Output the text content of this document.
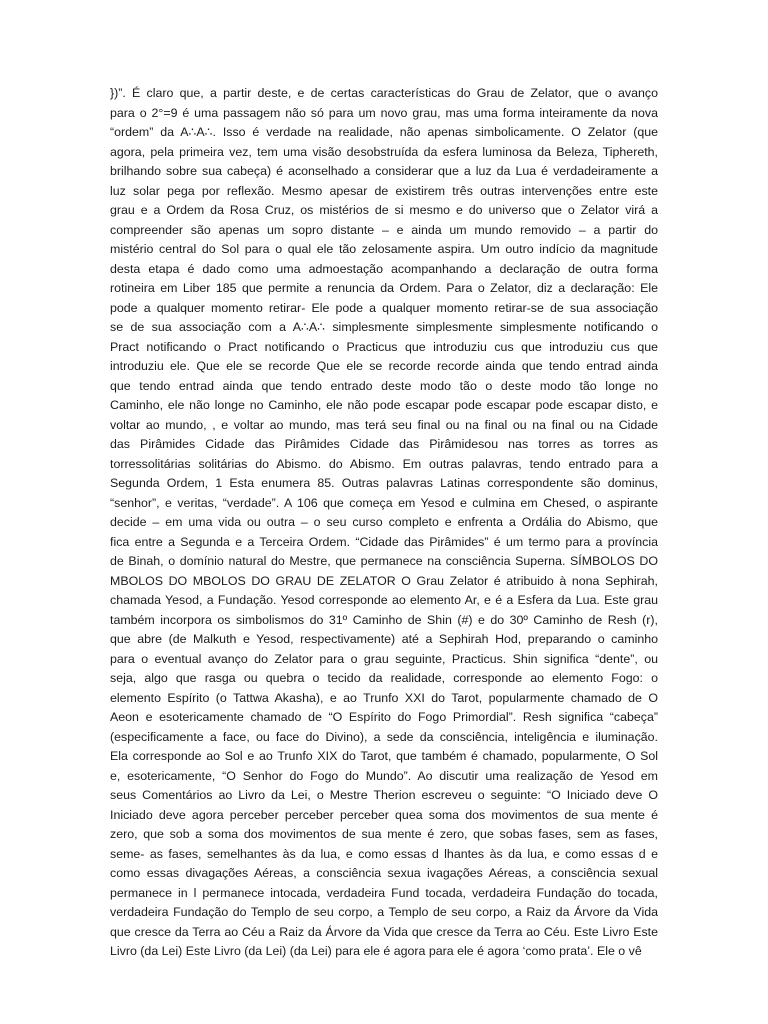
})”. É claro que, a partir deste, e de certas características do Grau de Zelator, que o avanço
para o 2°=9 é uma passagem não só para um novo grau, mas uma forma inteiramente da nova
“ordem” da A∴A∴. Isso é verdade na realidade, não apenas simbolicamente. O Zelator (que
agora, pela primeira vez, tem uma visão desobstruída da esfera luminosa da Beleza, Tiphereth,
brilhando sobre sua cabeça) é aconselhado a considerar que a luz da Lua é verdadeiramente a
luz solar pega por reflexão. Mesmo apesar de existirem três outras intervenções entre este
grau e a Ordem da Rosa Cruz, os mistérios de si mesmo e do universo que o Zelator virá a
compreender são apenas um sopro distante – e ainda um mundo removido – a partir do
mistério central do Sol para o qual ele tão zelosamente aspira. Um outro indício da magnitude
desta etapa é dado como uma admoestação acompanhando a declaração de outra forma
rotineira em Liber 185 que permite a renuncia da Ordem. Para o Zelator, diz a declaração: Ele
pode a qualquer momento retirar- Ele pode a qualquer momento retirar-se de sua associação
se de sua associação com a A∴A∴ simplesmente simplesmente simplesmente notificando o
Pract notificando o Pract notificando o Practicus que introduziu cus que introduziu cus que
introduziu ele. Que ele se recorde Que ele se recorde recorde ainda que tendo entrad ainda
que tendo entrad ainda que tendo entrado deste modo tão o deste modo tão longe no
Caminho, ele não longe no Caminho, ele não pode escapar pode escapar pode escapar disto, e
voltar ao mundo, , e voltar ao mundo, mas terá seu final ou na final ou na final ou na Cidade
das Pirâmides Cidade das Pirâmides Cidade das Pirâmidesou nas torres as torres as
torressolitárias solitárias do Abismo. do Abismo. Em outras palavras, tendo entrado para a
Segunda Ordem, 1 Esta enumera 85. Outras palavras Latinas correspondente são dominus,
“senhor”, e veritas, “verdade”. A 106 que começa em Yesod e culmina em Chesed, o aspirante
decide – em uma vida ou outra – o seu curso completo e enfrenta a Ordália do Abismo, que
fica entre a Segunda e a Terceira Ordem. “Cidade das Pirâmides” é um termo para a província
de Binah, o domínio natural do Mestre, que permanece na consciência Superna. SÍMBOLOS DO
MBOLOS DO MBOLOS DO GRAU DE ZELATOR O Grau Zelator é atribuido à nona Sephirah,
chamada Yesod, a Fundação. Yesod corresponde ao elemento Ar, e é a Esfera da Lua. Este grau
também incorpora os simbolismos do 31º Caminho de Shin (#) e do 30º Caminho de Resh (r),
que abre (de Malkuth e Yesod, respectivamente) até a Sephirah Hod, preparando o caminho
para o eventual avanço do Zelator para o grau seguinte, Practicus. Shin significa “dente”, ou
seja, algo que rasga ou quebra o tecido da realidade, corresponde ao elemento Fogo: o
elemento Espírito (o Tattwa Akasha), e ao Trunfo XXI do Tarot, popularmente chamado de O
Aeon e esotericamente chamado de “O Espírito do Fogo Primordial”. Resh significa “cabeça”
(especificamente a face, ou face do Divino), a sede da consciência, inteligência e iluminação.
Ela corresponde ao Sol e ao Trunfo XIX do Tarot, que também é chamado, popularmente, O Sol
e, esotericamente, “O Senhor do Fogo do Mundo”. Ao discutir uma realização de Yesod em
seus Comentários ao Livro da Lei, o Mestre Therion escreveu o seguinte: “O Iniciado deve O
Iniciado deve agora perceber perceber perceber quea soma dos movimentos de sua mente é
zero, que sob a soma dos movimentos de sua mente é zero, que sobas fases, sem as fases,
seme- as fases, semelhantes às da lua, e como essas d lhantes às da lua, e como essas d e
como essas divagações Aéreas, a consciência sexua ivagações Aéreas, a consciência sexual
permanece in l permanece intocada, verdadeira Fund tocada, verdadeira Fundação do tocada,
verdadeira Fundação do Templo de seu corpo, a Templo de seu corpo, a Raiz da Árvore da Vida
que cresce da Terra ao Céu a Raiz da Árvore da Vida que cresce da Terra ao Céu. Este Livro Este
Livro (da Lei) Este Livro (da Lei) (da Lei) para ele é agora para ele é agora ‘como prata’. Ele o vê
